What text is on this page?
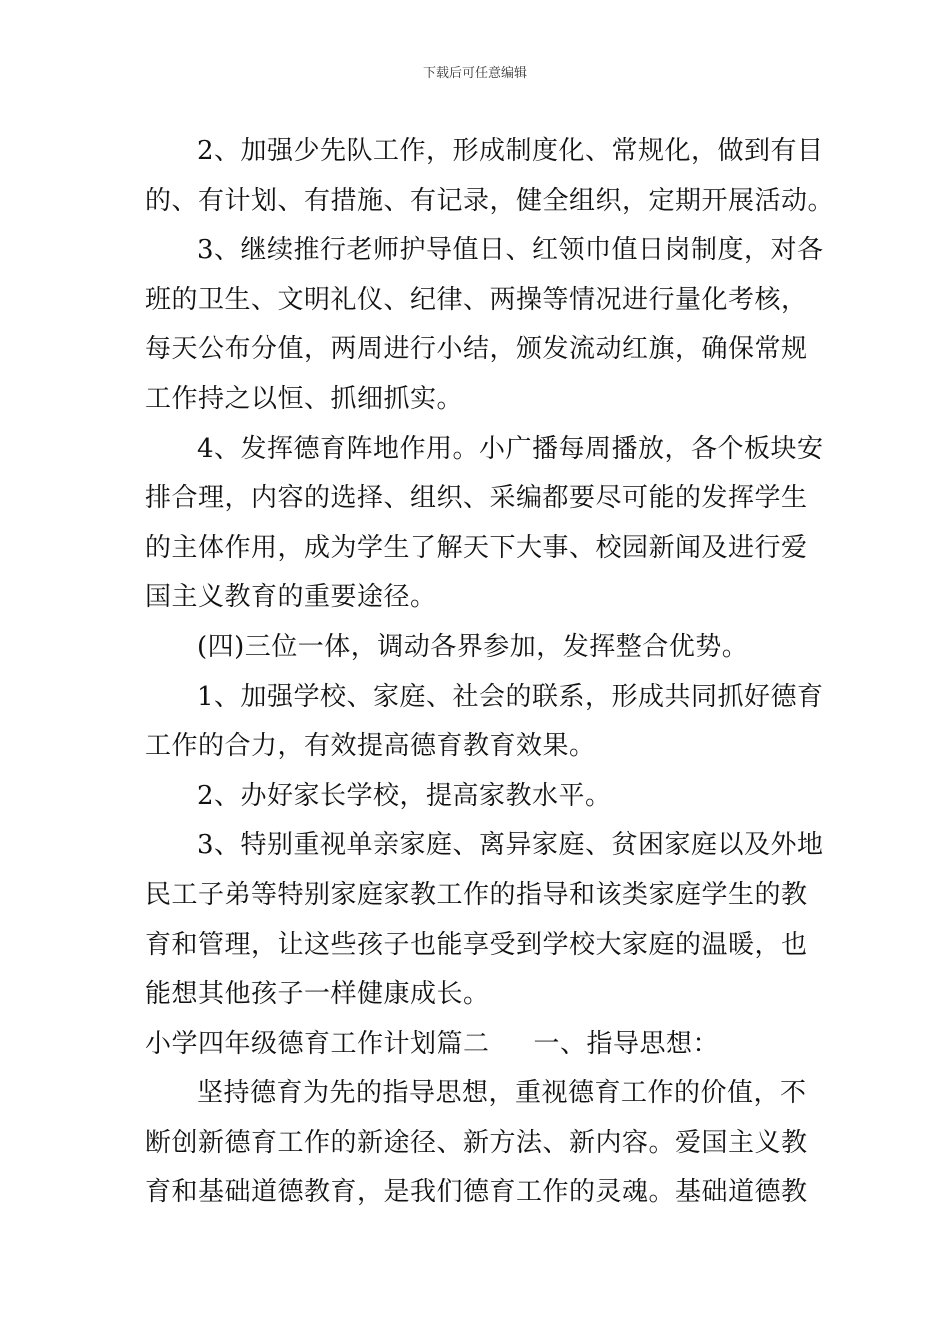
下载后可任意编辑
2、加强少先队工作，形成制度化、常规化，做到有目
的、有计划、有措施、有记录，健全组织，定期开展活动。
3、继续推行老师护导值日、红领巾值日岗制度，对各
班的卫生、文明礼仪、纪律、两操等情况进行量化考核，
每天公布分值，两周进行小结，颁发流动红旗，确保常规
工作持之以恒、抓细抓实。
4、发挥德育阵地作用。小广播每周播放，各个板块安
排合理，内容的选择、组织、采编都要尽可能的发挥学生
的主体作用，成为学生了解天下大事、校园新闻及进行爱
国主义教育的重要途径。
(四)三位一体，调动各界参加，发挥整合优势。
1、加强学校、家庭、社会的联系，形成共同抓好德育
工作的合力，有效提高德育教育效果。
2、办好家长学校，提高家教水平。
3、特别重视单亲家庭、离异家庭、贫困家庭以及外地
民工子弟等特别家庭家教工作的指导和该类家庭学生的教
育和管理，让这些孩子也能享受到学校大家庭的温暖，也
能想其他孩子一样健康成长。
小学四年级德育工作计划篇二 一、指导思想：
坚持德育为先的指导思想，重视德育工作的价值，不
断创新德育工作的新途径、新方法、新内容。爱国主义教
育和基础道德教育，是我们德育工作的灵魂。基础道德教
